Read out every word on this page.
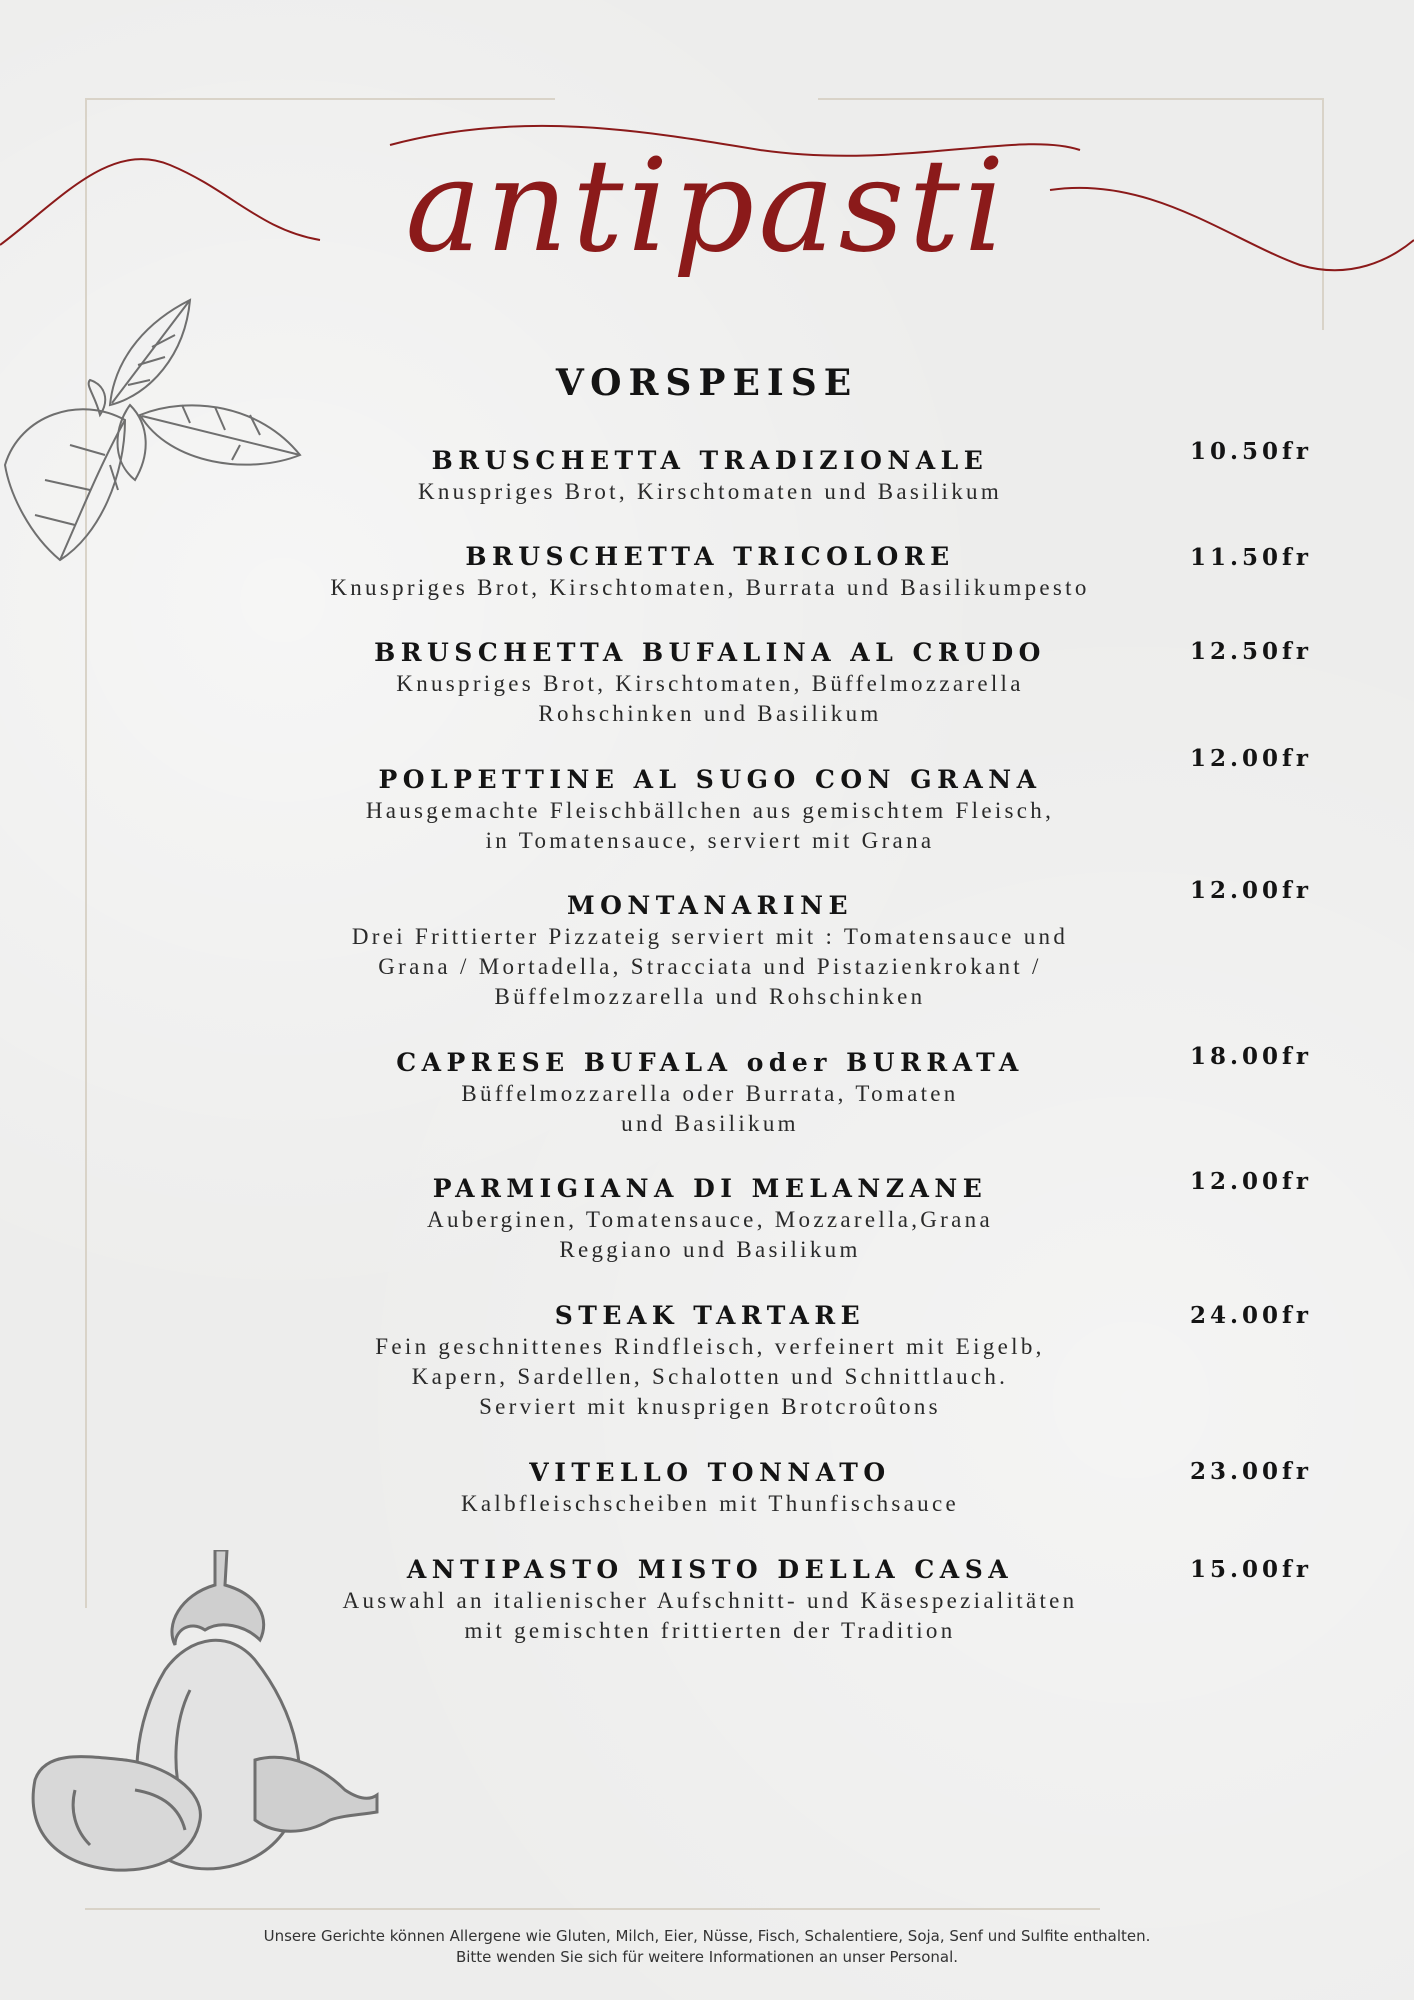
antipasti
VORSPEISE
BRUSCHETTA TRADIZIONALE
Knuspriges Brot, Kirschtomaten und Basilikum
10.50fr
BRUSCHETTA TRICOLORE
Knuspriges Brot, Kirschtomaten, Burrata und Basilikumpesto
11.50fr
BRUSCHETTA BUFALINA AL CRUDO
Knuspriges Brot, Kirschtomaten, Büffelmozzarella
Rohschinken und Basilikum
12.50fr
POLPETTINE AL SUGO CON GRANA
Hausgemachte Fleischbällchen aus gemischtem Fleisch,
in Tomatensauce, serviert mit Grana
12.00fr
MONTANARINE
Drei Frittierter Pizzateig serviert mit : Tomatensauce und
Grana / Mortadella, Stracciata und Pistazienkrokant /
Büffelmozzarella und Rohschinken
12.00fr
CAPRESE BUFALA oder BURRATA
Büffelmozzarella oder Burrata, Tomaten
und Basilikum
18.00fr
PARMIGIANA DI MELANZANE
Auberginen, Tomatensauce, Mozzarella,Grana
Reggiano und Basilikum
12.00fr
STEAK TARTARE
Fein geschnittenes Rindfleisch, verfeinert mit Eigelb,
Kapern, Sardellen, Schalotten und Schnittlauch.
Serviert mit knusprigen Brotcroûtons
24.00fr
VITELLO TONNATO
Kalbfleischscheiben mit Thunfischsauce
23.00fr
ANTIPASTO MISTO DELLA CASA
Auswahl an italienischer Aufschnitt- und Käsespezialitäten
mit gemischten frittierten der Tradition
15.00fr
Unsere Gerichte können Allergene wie Gluten, Milch, Eier, Nüsse, Fisch, Schalentiere, Soja, Senf und Sulfite enthalten.
Bitte wenden Sie sich für weitere Informationen an unser Personal.
